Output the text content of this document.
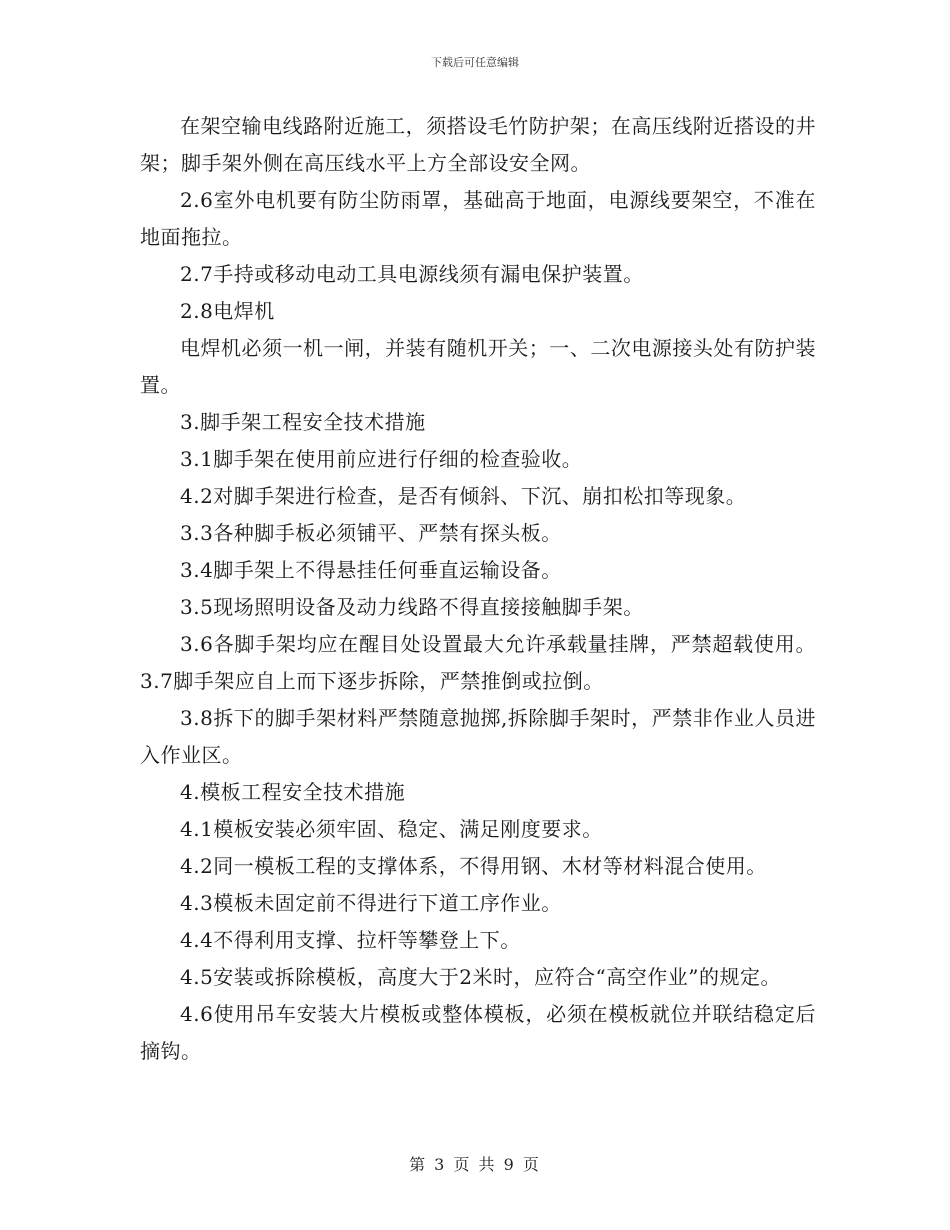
下载后可任意编辑

在架空输电线路附近施工，须搭设毛竹防护架；在高压线附近搭设的井架；脚手架外侧在高压线水平上方全部设安全网。

2.6室外电机要有防尘防雨罩，基础高于地面，电源线要架空，不准在地面拖拉。

2.7手持或移动电动工具电源线须有漏电保护装置。

2.8电焊机

电焊机必须一机一闸，并装有随机开关；一、二次电源接头处有防护装置。

3.脚手架工程安全技术措施

3.1脚手架在使用前应进行仔细的检查验收。

4.2对脚手架进行检查，是否有倾斜、下沉、崩扣松扣等现象。

3.3各种脚手板必须铺平、严禁有探头板。

3.4脚手架上不得悬挂任何垂直运输设备。

3.5现场照明设备及动力线路不得直接接触脚手架。

3.6各脚手架均应在醒目处设置最大允许承载量挂牌，严禁超载使用。3.7脚手架应自上而下逐步拆除，严禁推倒或拉倒。

3.8拆下的脚手架材料严禁随意抛掷,拆除脚手架时，严禁非作业人员进入作业区。

4.模板工程安全技术措施

4.1模板安装必须牢固、稳定、满足刚度要求。

4.2同一模板工程的支撑体系，不得用钢、木材等材料混合使用。

4.3模板未固定前不得进行下道工序作业。

4.4不得利用支撑、拉杆等攀登上下。

4.5安装或拆除模板，高度大于2米时，应符合“高空作业”的规定。

4.6使用吊车安装大片模板或整体模板，必须在模板就位并联结稳定后摘钩。

第 3 页 共 9 页
